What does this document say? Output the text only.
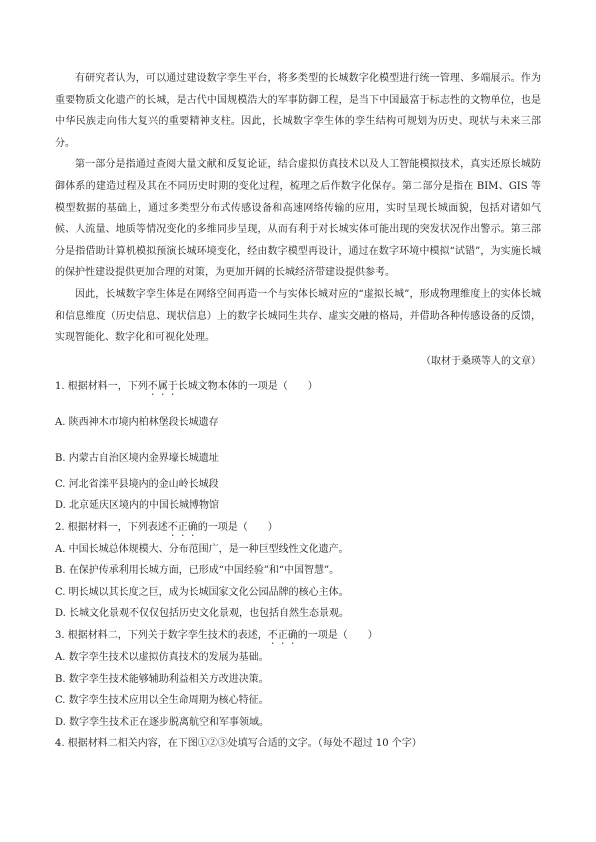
有研究者认为，可以通过建设数字孪生平台，将多类型的长城数字化模型进行统一管理、多端展示。作为重要物质文化遗产的长城，是古代中国规模浩大的军事防御工程，是当下中国最富于标志性的文物单位，也是中华民族走向伟大复兴的重要精神支柱。因此，长城数字孪生体的孪生结构可规划为历史、现状与未来三部分。

第一部分是指通过查阅大量文献和反复论证，结合虚拟仿真技术以及人工智能模拟技术，真实还原长城防御体系的建造过程及其在不同历史时期的变化过程，梳理之后作数字化保存。第二部分是指在 BIM、GIS 等模型数据的基础上，通过多类型分布式传感设备和高速网络传输的应用，实时呈现长城面貌，包括对诸如气候、人流量、地质等情况变化的多维同步呈现，从而有利于对长城实体可能出现的突发状况作出警示。第三部分是指借助计算机模拟预演长城环境变化，经由数字模型再设计，通过在数字环境中模拟“试错”，为实施长城的保护性建设提供更加合理的对策，为更加开阔的长城经济带建设提供参考。

因此，长城数字孪生体是在网络空间再造一个与实体长城对应的“虚拟长城”，形成物理维度上的实体长城和信息维度（历史信息、现状信息）上的数字长城同生共存、虚实交融的格局，并借助各种传感设备的反馈，实现智能化、数字化和可视化处理。

（取材于桑瑛等人的文章）

1. 根据材料一，下列不属于长城文物本体的一项是（　　）

A. 陕西神木市境内柏林堡段长城遗存

B. 内蒙古自治区境内金界壕长城遗址

C. 河北省滦平县境内的金山岭长城段

D. 北京延庆区境内的中国长城博物馆

2. 根据材料一，下列表述不正确的一项是（　　）

A. 中国长城总体规模大、分布范围广，是一种巨型线性文化遗产。

B. 在保护传承利用长城方面，已形成“中国经验”和“中国智慧”。

C. 明长城以其长度之巨，成为长城国家文化公园品牌的核心主体。

D. 长城文化景观不仅仅包括历史文化景观，也包括自然生态景观。

3. 根据材料二，下列关于数字孪生技术的表述，不正确的一项是（　　）

A. 数字孪生技术以虚拟仿真技术的发展为基础。

B. 数字孪生技术能够辅助利益相关方改进决策。

C. 数字孪生技术应用以全生命周期为核心特征。

D. 数字孪生技术正在逐步脱离航空和军事领域。

4. 根据材料二相关内容，在下图①②③处填写合适的文字。（每处不超过 10 个字）
